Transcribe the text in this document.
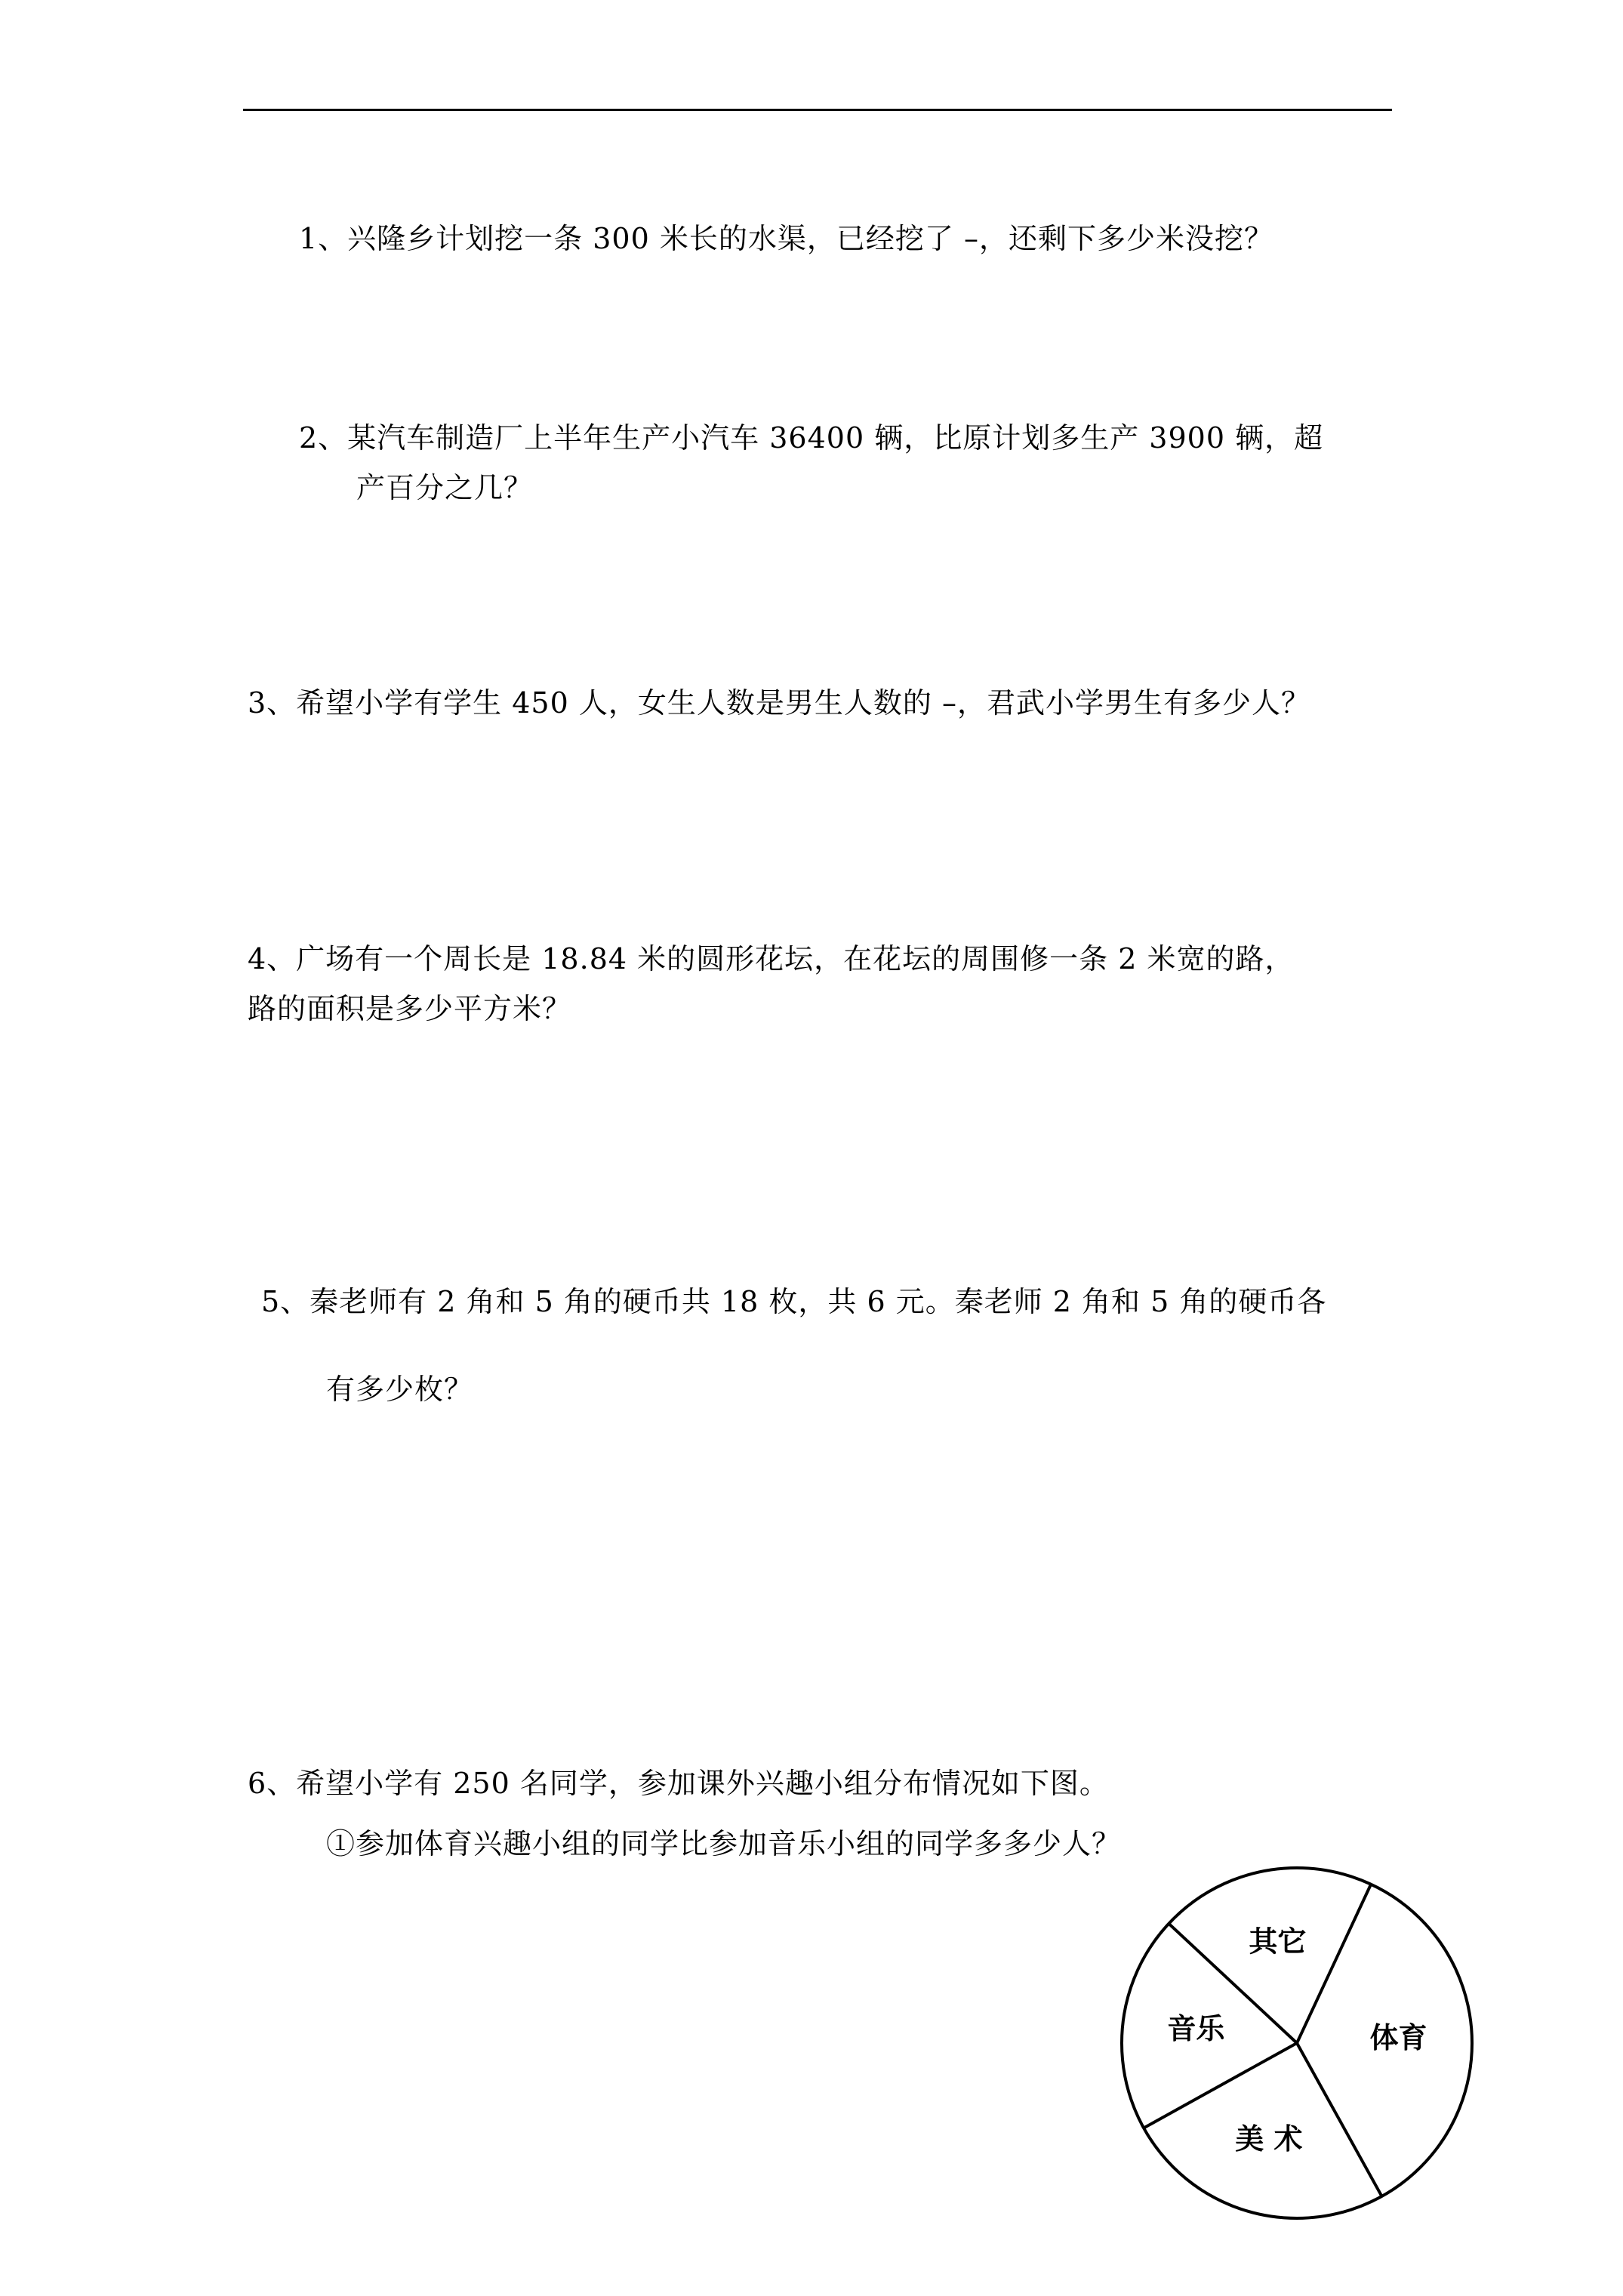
1、兴隆乡计划挖一条 300 米长的水渠，已经挖了 –，还剩下多少米没挖？
2、某汽车制造厂上半年生产小汽车 36400 辆，比原计划多生产 3900 辆，超
产百分之几？
3、希望小学有学生 450 人，女生人数是男生人数的 –，君武小学男生有多少人？
4、广场有一个周长是 18.84 米的圆形花坛，在花坛的周围修一条 2 米宽的路，
路的面积是多少平方米？
5、秦老师有 2 角和 5 角的硬币共 18 枚，共 6 元。秦老师 2 角和 5 角的硬币各
有多少枚？
6、希望小学有 250 名同学，参加课外兴趣小组分布情况如下图。
①参加体育兴趣小组的同学比参加音乐小组的同学多多少人？
体育
美 术
音乐
其它
